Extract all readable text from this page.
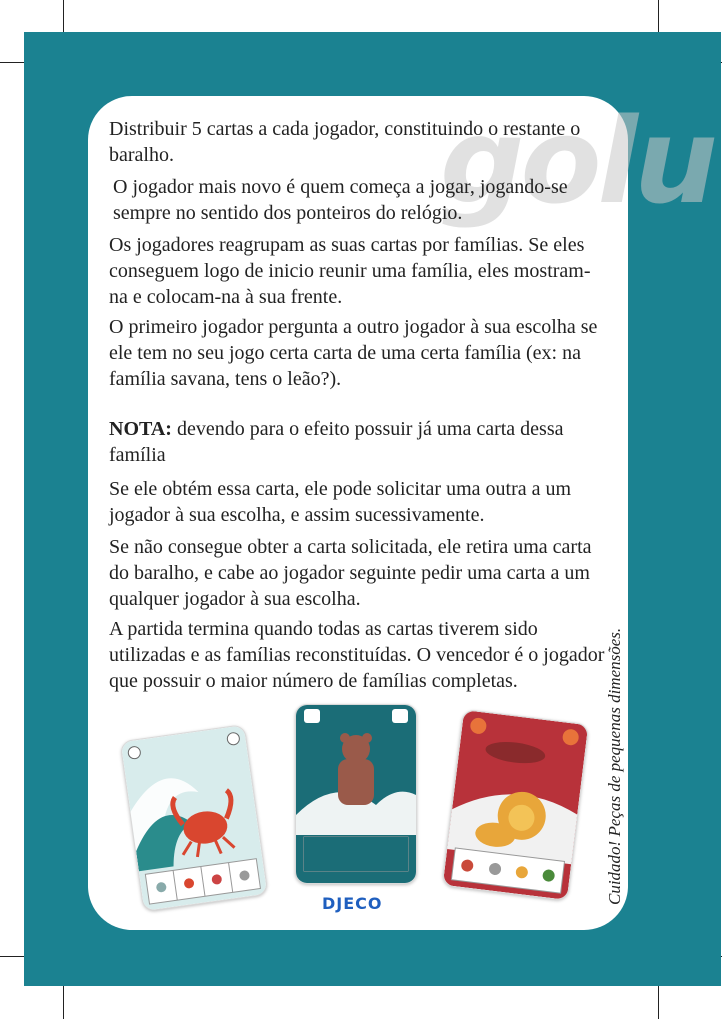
golu

Distribuir 5 cartas a cada jogador, constituindo o restante o baralho.

O jogador mais novo é quem começa a jogar, jogando-se sempre no sentido dos ponteiros do relógio.

Os jogadores reagrupam as suas cartas por famílias. Se eles conseguem logo de inicio reunir uma família, eles mostram-na e colocam-na à sua frente.

O primeiro jogador pergunta a outro jogador à sua escolha se ele tem no seu jogo certa carta de uma certa família (ex: na família savana, tens o leão?).

NOTA: devendo para o efeito possuir já uma carta dessa família

Se ele obtém essa carta, ele pode solicitar uma outra a um jogador à sua escolha, e assim sucessivamente.

Se não consegue obter a carta solicitada, ele retira uma carta do baralho, e cabe ao jogador seguinte pedir uma carta a um qualquer jogador à sua escolha.

A partida termina quando todas as cartas tiverem sido utilizadas e as famílias reconstituídas. O vencedor é o jogador que possuir o maior número de famílias completas.	Cuidado! Peças de pequenas dimensões.
DJECO
